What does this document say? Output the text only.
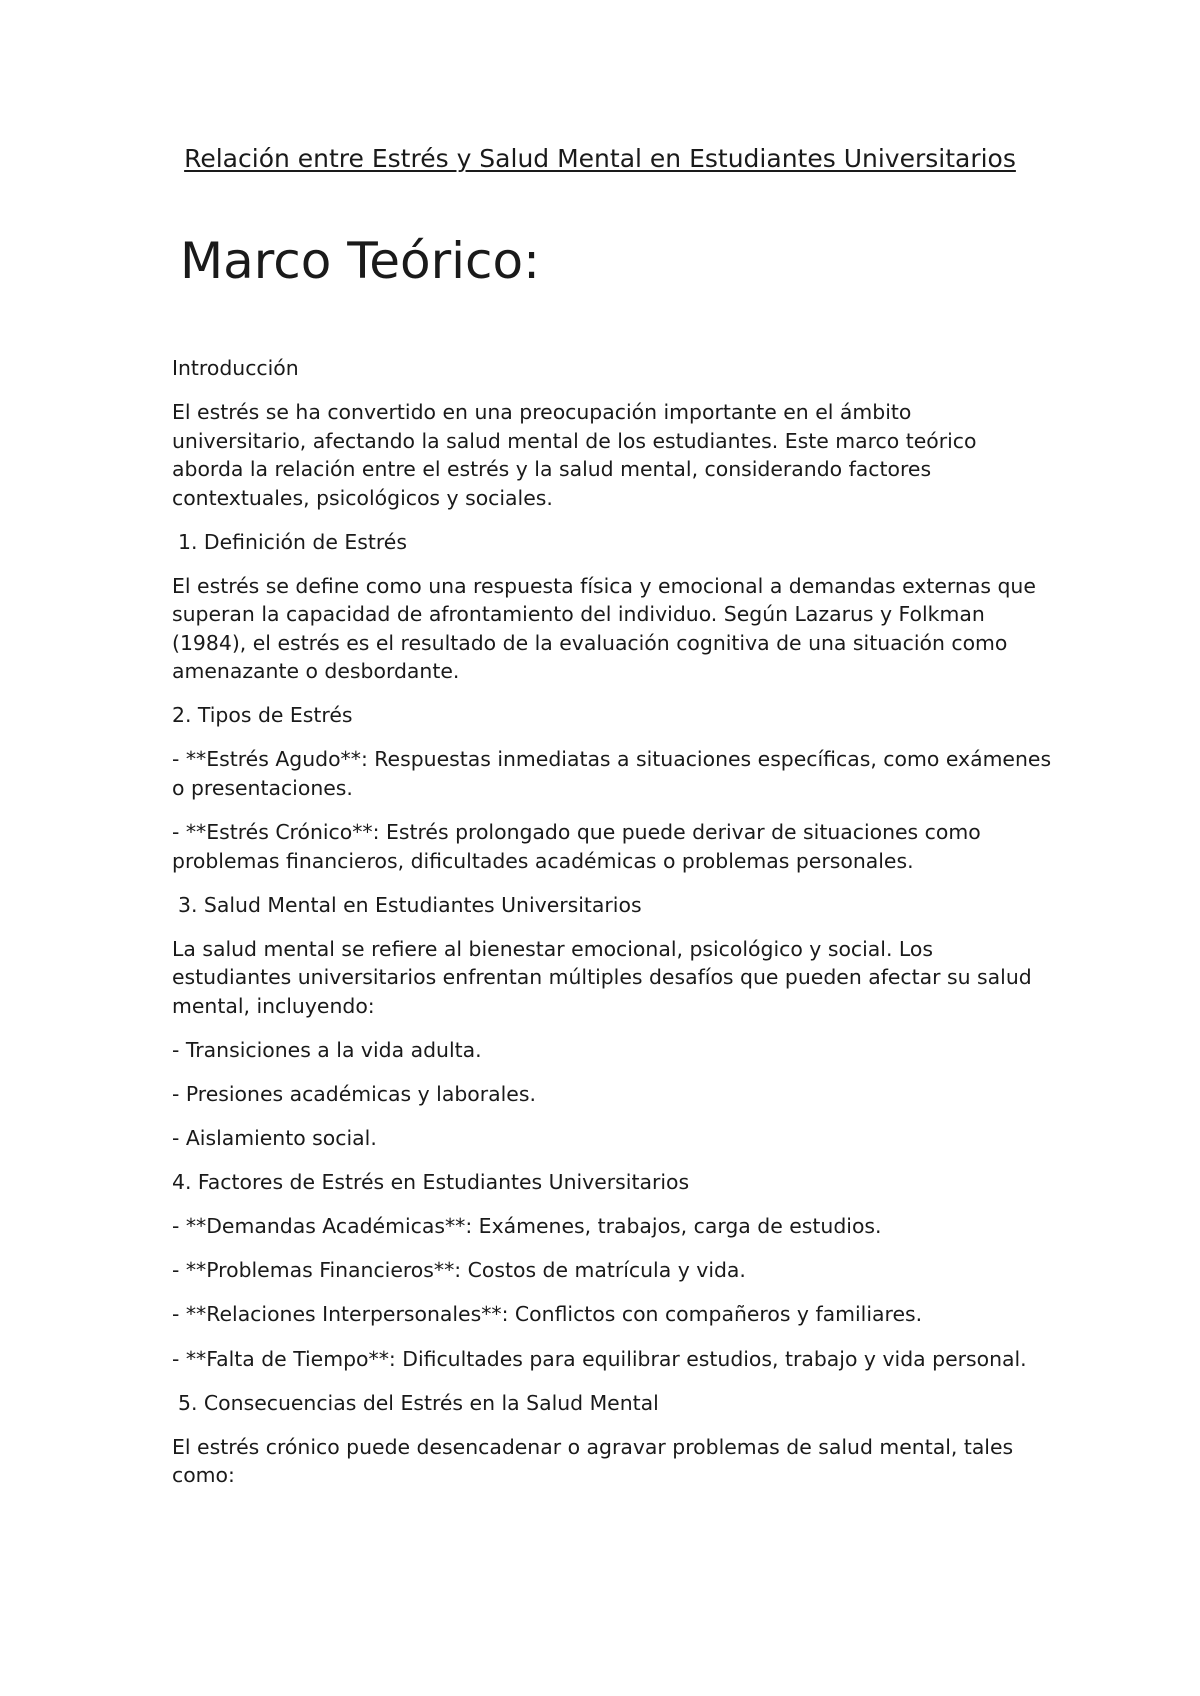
Relación entre Estrés y Salud Mental en Estudiantes Universitarios
Marco Teórico:

Introducción

El estrés se ha convertido en una preocupación importante en el ámbito universitario, afectando la salud mental de los estudiantes. Este marco teórico aborda la relación entre el estrés y la salud mental, considerando factores contextuales, psicológicos y sociales.

1. Definición de Estrés

El estrés se define como una respuesta física y emocional a demandas externas que superan la capacidad de afrontamiento del individuo. Según Lazarus y Folkman (1984), el estrés es el resultado de la evaluación cognitiva de una situación como amenazante o desbordante.

2. Tipos de Estrés

- **Estrés Agudo**: Respuestas inmediatas a situaciones específicas, como exámenes o presentaciones.

- **Estrés Crónico**: Estrés prolongado que puede derivar de situaciones como problemas financieros, dificultades académicas o problemas personales.

3. Salud Mental en Estudiantes Universitarios

La salud mental se refiere al bienestar emocional, psicológico y social. Los estudiantes universitarios enfrentan múltiples desafíos que pueden afectar su salud mental, incluyendo:

- Transiciones a la vida adulta.

- Presiones académicas y laborales.

- Aislamiento social.

4. Factores de Estrés en Estudiantes Universitarios

- **Demandas Académicas**: Exámenes, trabajos, carga de estudios.

- **Problemas Financieros**: Costos de matrícula y vida.

- **Relaciones Interpersonales**: Conflictos con compañeros y familiares.

- **Falta de Tiempo**: Dificultades para equilibrar estudios, trabajo y vida personal.

5. Consecuencias del Estrés en la Salud Mental

El estrés crónico puede desencadenar o agravar problemas de salud mental, tales como:
